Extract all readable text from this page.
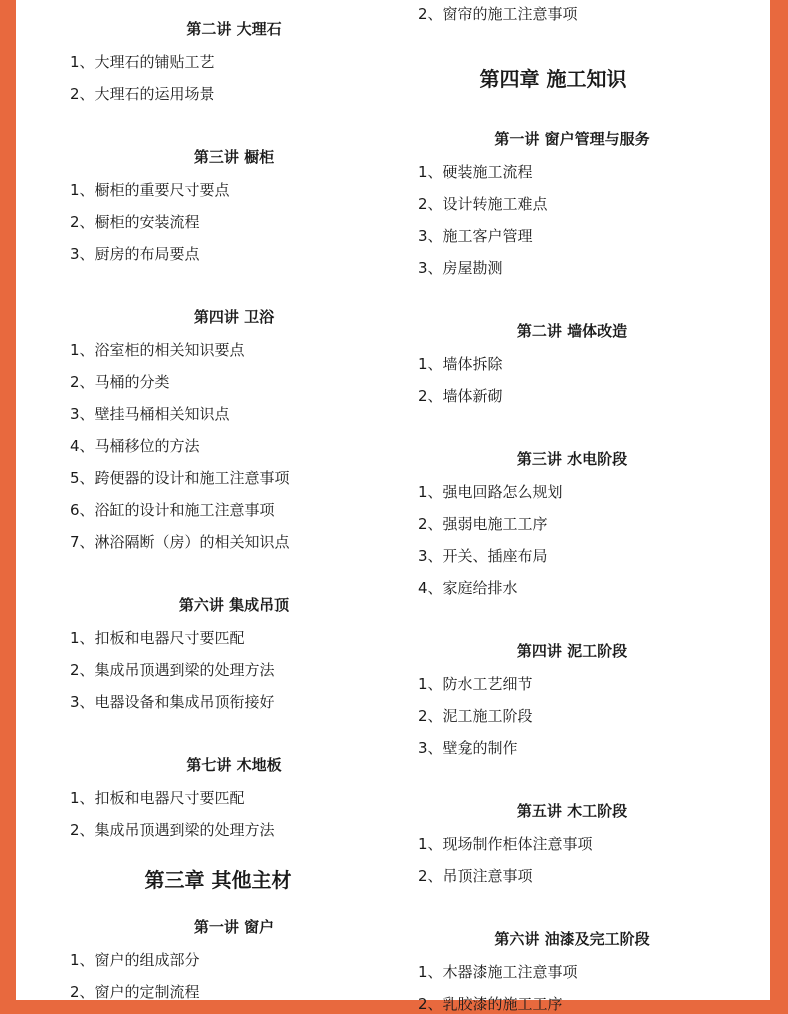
第二讲 大理石
1、大理石的铺贴工艺
2、大理石的运用场景
第三讲 橱柜
1、橱柜的重要尺寸要点
2、橱柜的安装流程
3、厨房的布局要点
第四讲 卫浴
1、浴室柜的相关知识要点
2、马桶的分类
3、壁挂马桶相关知识点
4、马桶移位的方法
5、跨便器的设计和施工注意事项
6、浴缸的设计和施工注意事项
7、淋浴隔断（房）的相关知识点
第六讲 集成吊顶
1、扣板和电器尺寸要匹配
2、集成吊顶遇到梁的处理方法
3、电器设备和集成吊顶衔接好
第七讲 木地板
1、扣板和电器尺寸要匹配
2、集成吊顶遇到梁的处理方法
第三章 其他主材
第一讲 窗户
1、窗户的组成部分
2、窗户的定制流程
2、窗帘的施工注意事项
第四章 施工知识
第一讲 窗户管理与服务
1、硬装施工流程
2、设计转施工难点
3、施工客户管理
3、房屋勘测
第二讲 墙体改造
1、墙体拆除
2、墙体新砌
第三讲 水电阶段
1、强电回路怎么规划
2、强弱电施工工序
3、开关、插座布局
4、家庭给排水
第四讲 泥工阶段
1、防水工艺细节
2、泥工施工阶段
3、壁龛的制作
第五讲 木工阶段
1、现场制作柜体注意事项
2、吊顶注意事项
第六讲 油漆及完工阶段
1、木器漆施工注意事项
2、乳胶漆的施工工序
